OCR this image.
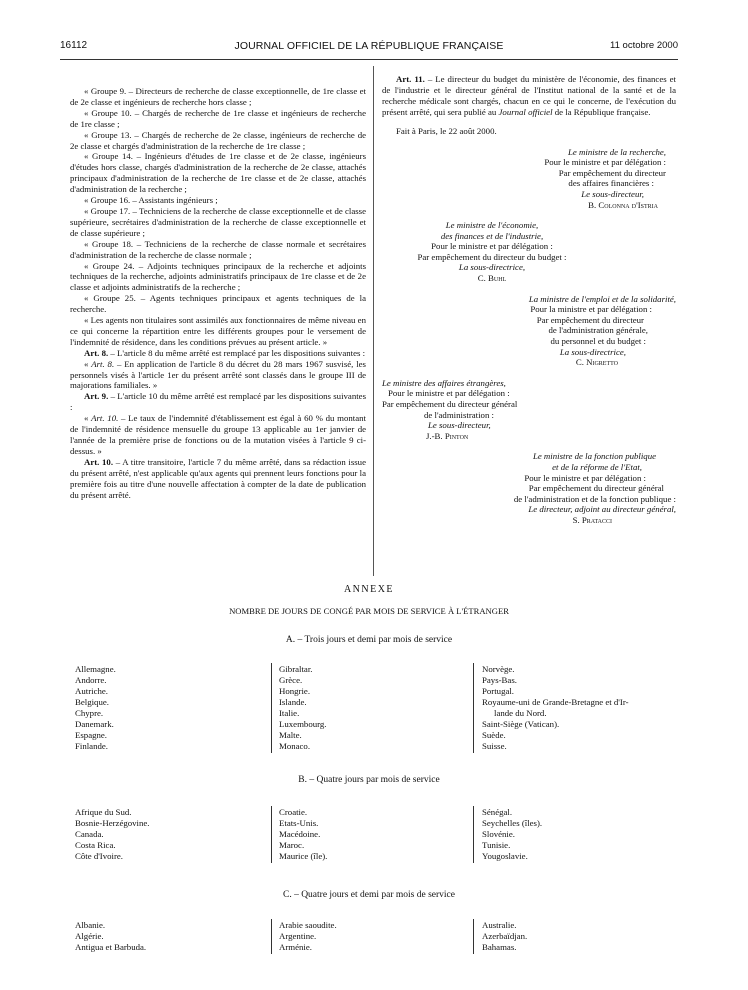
16112	JOURNAL OFFICIEL DE LA RÉPUBLIQUE FRANÇAISE	11 octobre 2000

« Groupe 9. – Directeurs de recherche de classe exceptionnelle, de 1re classe et de 2e classe et ingénieurs de recherche hors classe ;

« Groupe 10. – Chargés de recherche de 1re classe et ingénieurs de recherche de 1re classe ;

« Groupe 13. – Chargés de recherche de 2e classe, ingénieurs de recherche de 2e classe et chargés d'administration de la recherche de 1re classe ;

« Groupe 14. – Ingénieurs d'études de 1re classe et de 2e classe, ingénieurs d'études hors classe, chargés d'administration de la recherche de 2e classe, attachés principaux d'administration de la recherche de 1re classe et de 2e classe, attachés d'administration de la recherche ;

« Groupe 16. – Assistants ingénieurs ;

« Groupe 17. – Techniciens de la recherche de classe exceptionnelle et de classe supérieure, secrétaires d'administration de la recherche de classe exceptionnelle et de classe supérieure ;

« Groupe 18. – Techniciens de la recherche de classe normale et secrétaires d'administration de la recherche de classe normale ;

« Groupe 24. – Adjoints techniques principaux de la recherche et adjoints techniques de la recherche, adjoints administratifs principaux de 1re classe et de 2e classe et adjoints administratifs de la recherche ;

« Groupe 25. – Agents techniques principaux et agents techniques de la recherche.

« Les agents non titulaires sont assimilés aux fonctionnaires de même niveau en ce qui concerne la répartition entre les différents groupes pour le versement de l'indemnité de résidence, dans les conditions prévues au présent article. »

Art. 8. – L'article 8 du même arrêté est remplacé par les dispositions suivantes :

« Art. 8. – En application de l'article 8 du décret du 28 mars 1967 susvisé, les personnels visés à l'article 1er du présent arrêté sont classés dans le groupe III de majorations familiales. »

Art. 9. – L'article 10 du même arrêté est remplacé par les dispositions suivantes :

« Art. 10. – Le taux de l'indemnité d'établissement est égal à 60 % du montant de l'indemnité de résidence mensuelle du groupe 13 applicable au 1er janvier de l'année de la première prise de fonctions ou de la mutation visées à l'article 9 ci-dessus. »

Art. 10. – A titre transitoire, l'article 7 du même arrêté, dans sa rédaction issue du présent arrêté, n'est applicable qu'aux agents qui prennent leurs fonctions pour la première fois au titre d'une nouvelle affectation à compter de la date de publication du présent arrêté.

Art. 11. – Le directeur du budget du ministère de l'économie, des finances et de l'industrie et le directeur général de l'Institut national de la santé et de la recherche médicale sont chargés, chacun en ce qui le concerne, de l'exécution du présent arrêté, qui sera publié au Journal officiel de la République française.

Fait à Paris, le 22 août 2000.

Le ministre de la recherche,
Pour le ministre et par délégation :
Par empêchement du directeur
des affaires financières :
Le sous-directeur,
B. Colonna d'Istria
Le ministre de l'économie,
des finances et de l'industrie,
Pour le ministre et par délégation :
Par empêchement du directeur du budget :
La sous-directrice,
C. Buhl
La ministre de l'emploi et de la solidarité,
Pour la ministre et par délégation :
Par empêchement du directeur
de l'administration générale,
du personnel et du budget :
La sous-directrice,
C. Nigretto
Le ministre des affaires étrangères,
Pour le ministre et par délégation :
Par empêchement du directeur général
de l'administration :
Le sous-directeur,
J.-B. Pinton
Le ministre de la fonction publique
et de la réforme de l'Etat,
Pour le ministre et par délégation :
Par empêchement du directeur général
de l'administration et de la fonction publique :
Le directeur, adjoint au directeur général,
S. Pratacci
ANNEXE
NOMBRE DE JOURS DE CONGÉ PAR MOIS DE SERVICE À L'ÉTRANGER
A. – Trois jours et demi par mois de service
Allemagne.
Andorre.
Autriche.
Belgique.
Chypre.
Danemark.
Espagne.
Finlande.
Gibraltar.
Grèce.
Hongrie.
Islande.
Italie.
Luxembourg.
Malte.
Monaco.
Norvège.
Pays-Bas.
Portugal.
Royaume-uni de Grande-Bretagne et d'Ir-
lande du Nord.
Saint-Siège (Vatican).
Suède.
Suisse.
B. – Quatre jours par mois de service
Afrique du Sud.
Bosnie-Herzégovine.
Canada.
Costa Rica.
Côte d'Ivoire.
Croatie.
Etats-Unis.
Macédoine.
Maroc.
Maurice (île).
Sénégal.
Seychelles (îles).
Slovénie.
Tunisie.
Yougoslavie.
C. – Quatre jours et demi par mois de service
Albanie.
Algérie.
Antigua et Barbuda.
Arabie saoudite.
Argentine.
Arménie.
Australie.
Azerbaïdjan.
Bahamas.
